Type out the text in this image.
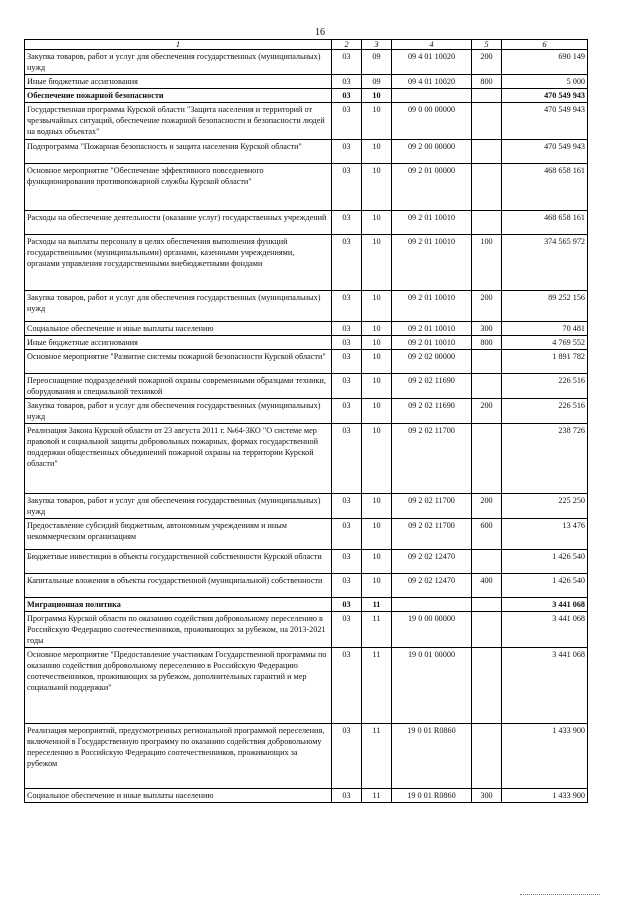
16
1	2	3	4	5	6
Закупка товаров, работ и услуг для обеспечения государственных (муниципальных) нужд	03	09	09 4 01 10020	200	690 149
Иные бюджетные ассигнования	03	09	09 4 01 10020	800	5 000
Обеспечение пожарной безопасности	03	10			470 549 943
Государственная программа Курской области "Защита населения и территорий от чрезвычайных ситуаций, обеспечение пожарной безопасности и безопасности людей на водных объектах"	03	10	09 0 00 00000		470 549 943
Подпрограмма "Пожарная безопасность и защита населения Курской области"	03	10	09 2 00 00000		470 549 943
Основное мероприятие "Обеспечение эффективного повседневного функционирования противопожарной службы Курской области"	03	10	09 2 01 00000		468 658 161
Расходы на обеспечение деятельности (оказание услуг) государственных учреждений	03	10	09 2 01 10010		468 658 161
Расходы на выплаты персоналу в целях обеспечения выполнения функций государственными (муниципальными) органами, казенными учреждениями, органами управления государственными внебюджетными фондами	03	10	09 2 01 10010	100	374 565 972
Закупка товаров, работ и услуг для обеспечения государственных (муниципальных) нужд	03	10	09 2 01 10010	200	89 252 156
Социальное обеспечение и иные выплаты населению	03	10	09 2 01 10010	300	70 481
Иные бюджетные ассигнования	03	10	09 2 01 10010	800	4 769 552
Основное мероприятие "Развитие системы пожарной безопасности Курской области"	03	10	09 2 02 00000		1 891 782
Переоснащение подразделений пожарной охраны современными образцами техники, оборудования и специальной техникой	03	10	09 2 02 11690		226 516
Закупка товаров, работ и услуг для обеспечения государственных (муниципальных) нужд	03	10	09 2 02 11690	200	226 516
Реализация Закона Курской области от 23 августа 2011 г. №64-ЗКО "О системе мер правовой и социальной защиты добровольных пожарных, формах государственной поддержки общественных объединений пожарной охраны на территории Курской области"	03	10	09 2 02 11700		238 726
Закупка товаров, работ и услуг для обеспечения государственных (муниципальных) нужд	03	10	09 2 02 11700	200	225 250
Предоставление субсидий бюджетным, автономным учреждениям и иным некоммерческим организациям	03	10	09 2 02 11700	600	13 476
Бюджетные инвестиции в объекты государственной собственности Курской области	03	10	09 2 02 12470		1 426 540
Капитальные вложения в объекты государственной (муниципальной) собственности	03	10	09 2 02 12470	400	1 426 540
Миграционная политика	03	11			3 441 068
Программа Курской области по оказанию содействия добровольному переселению в Российскую Федерацию соотечественников, проживающих за рубежом, на 2013-2021 годы	03	11	19 0 00 00000		3 441 068
Основное мероприятие "Предоставление участникам Государственной программы по оказанию содействия добровольному переселению в Российскую Федерацию соотечественников, проживающих за рубежом, дополнительных гарантий и мер социальной поддержки"	03	11	19 0 01 00000		3 441 068
Реализация мероприятий, предусмотренных региональной программой переселения, включенной в Государственную программу по оказанию содействия добровольному переселению в Российскую Федерацию соотечественников, проживающих за рубежом	03	11	19 0 01 R0860		1 433 900
Социальное обеспечение и иные выплаты населению	03	11	19 0 01 R0860	300	1 433 900
